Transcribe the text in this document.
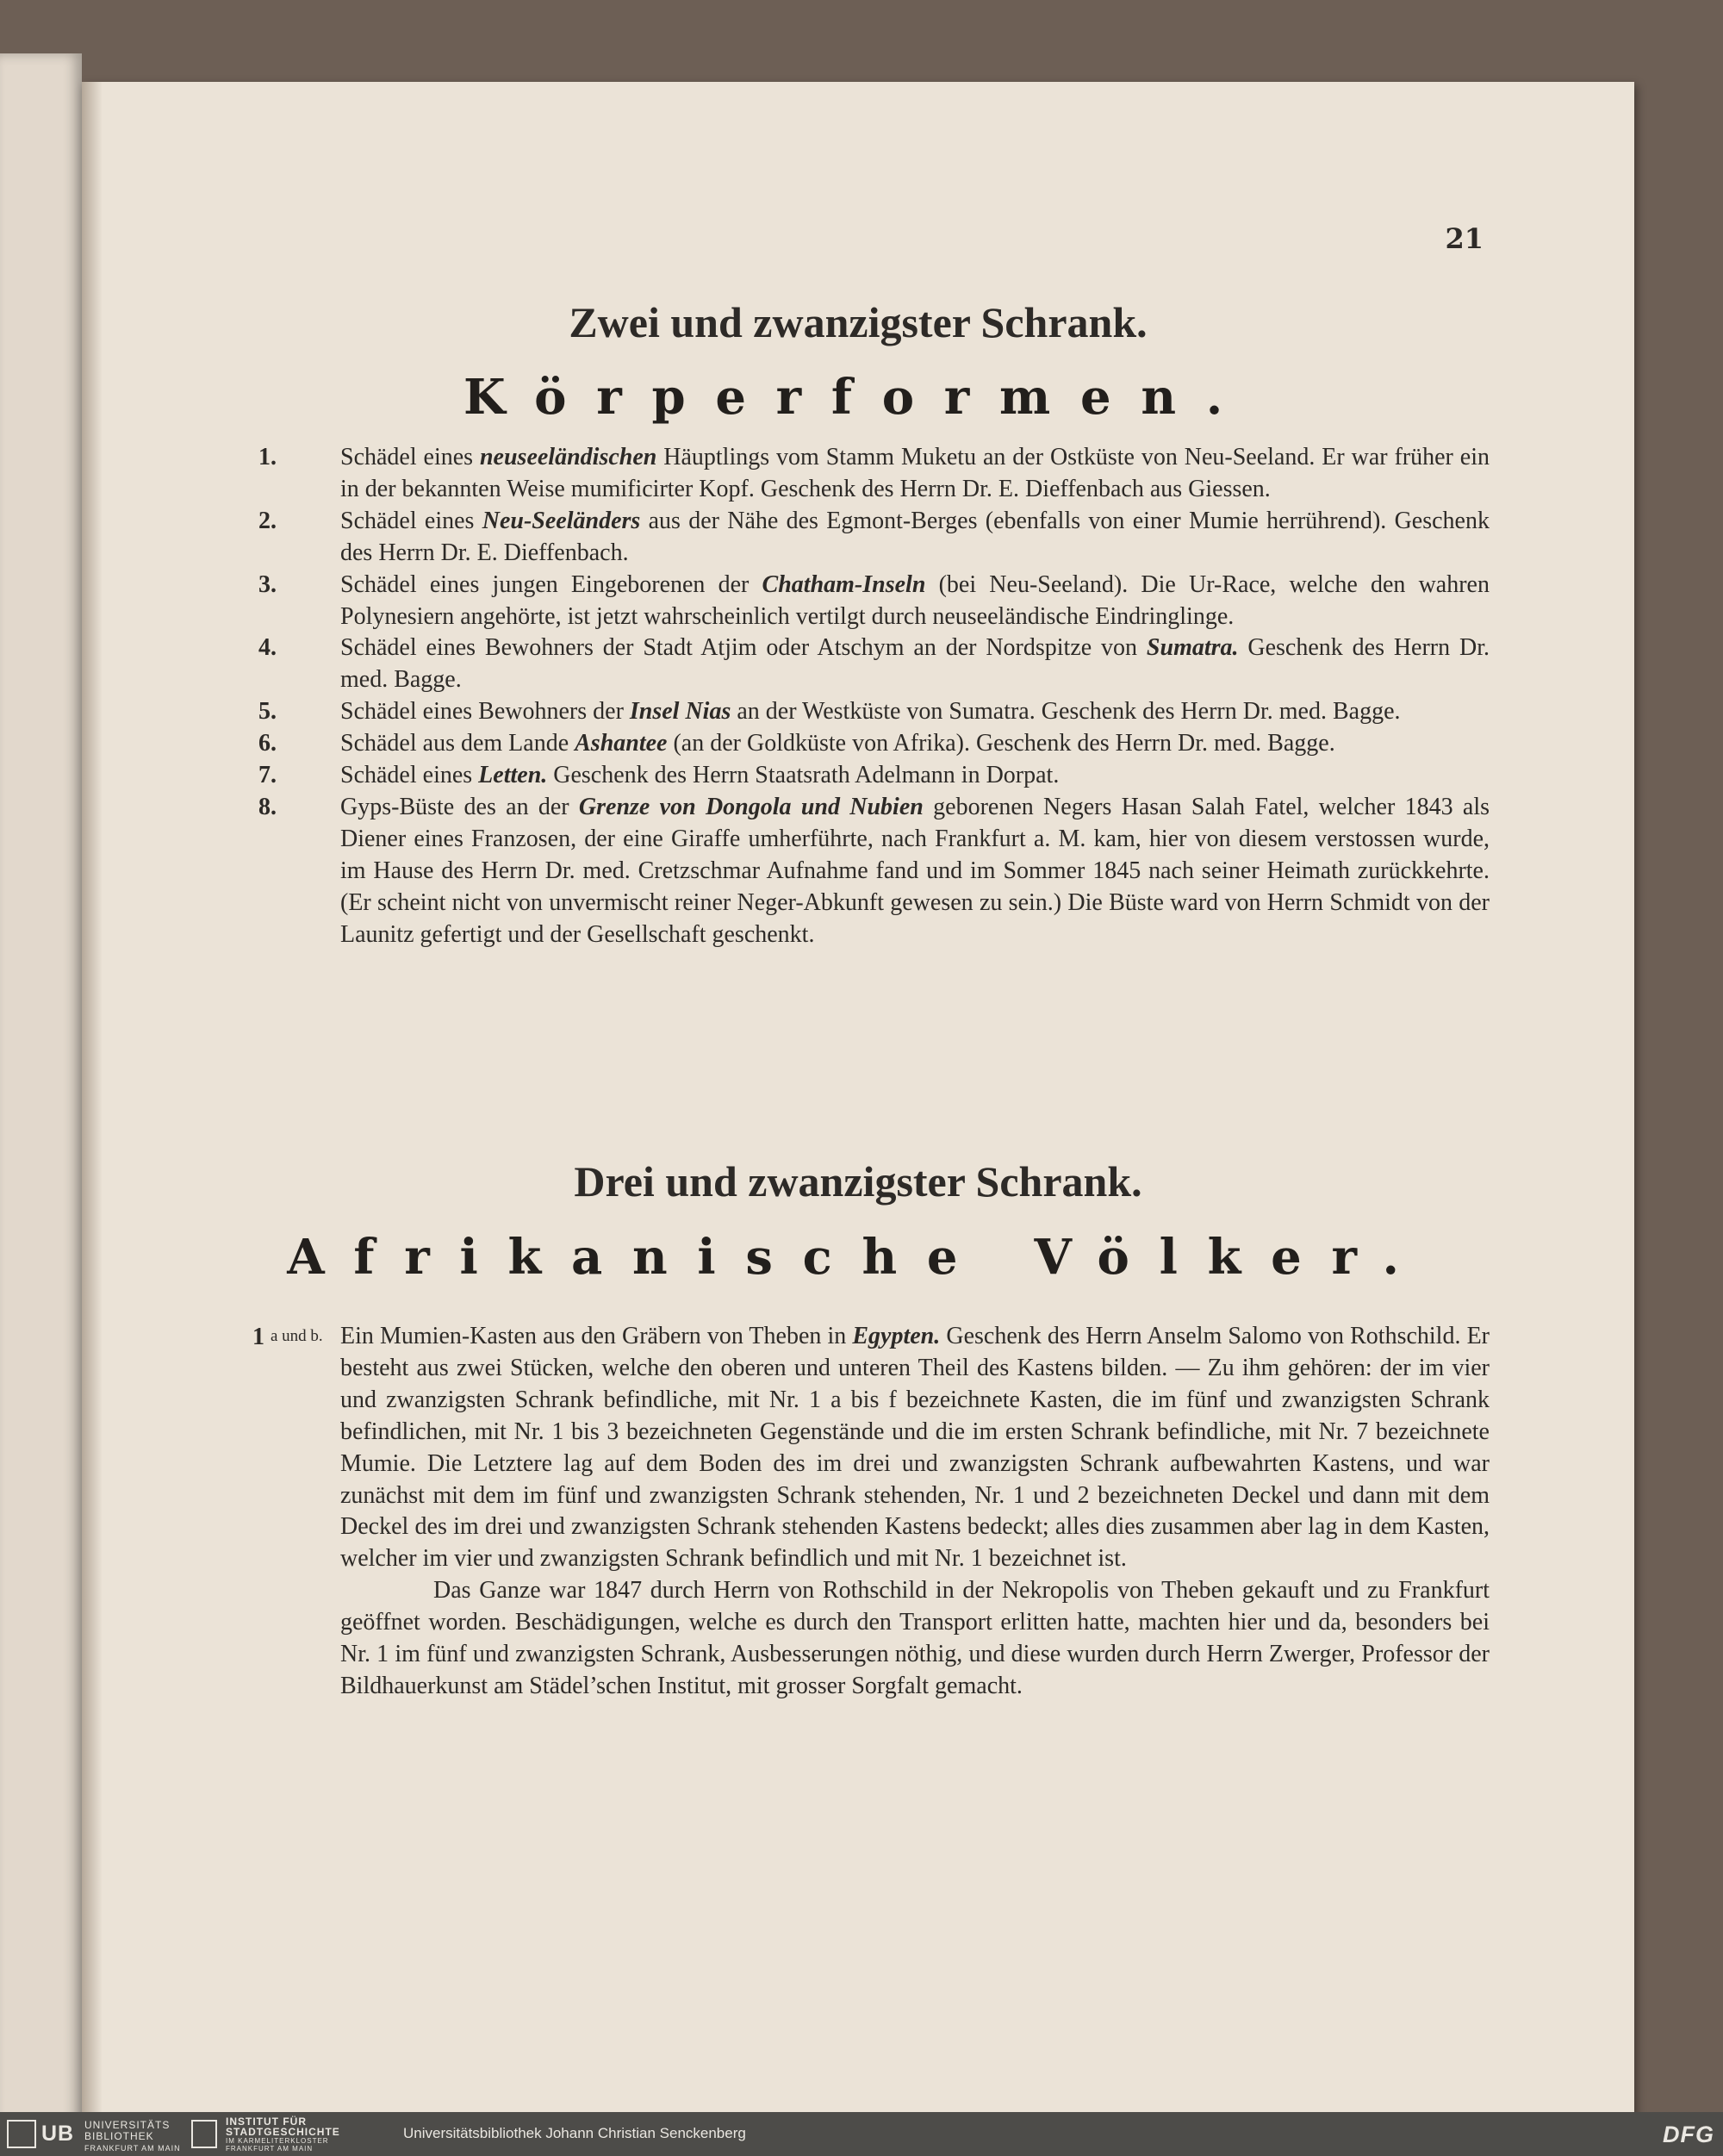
21
Zwei und zwanzigster Schrank.
Körperformen.
1.	Schädel eines neuseeländischen Häuptlings vom Stamm Muketu an der Ostküste von Neu-Seeland. Er war früher ein in der bekannten Weise mumificirter Kopf. Geschenk des Herrn Dr. E. Dieffenbach aus Giessen.
2.	Schädel eines Neu-Seeländers aus der Nähe des Egmont-Berges (ebenfalls von einer Mumie herrührend). Geschenk des Herrn Dr. E. Dieffenbach.
3.	Schädel eines jungen Eingeborenen der Chatham-Inseln (bei Neu-Seeland). Die Ur-Race, welche den wahren Polynesiern angehörte, ist jetzt wahrscheinlich vertilgt durch neuseeländische Eindringlinge.
4.	Schädel eines Bewohners der Stadt Atjim oder Atschym an der Nordspitze von Sumatra. Geschenk des Herrn Dr. med. Bagge.
5.	Schädel eines Bewohners der Insel Nias an der Westküste von Sumatra. Geschenk des Herrn Dr. med. Bagge.
6.	Schädel aus dem Lande Ashantee (an der Goldküste von Afrika). Geschenk des Herrn Dr. med. Bagge.
7.	Schädel eines Letten. Geschenk des Herrn Staatsrath Adelmann in Dorpat.
8.	Gyps-Büste des an der Grenze von Dongola und Nubien geborenen Negers Hasan Salah Fatel, welcher 1843 als Diener eines Franzosen, der eine Giraffe umherführte, nach Frankfurt a. M. kam, hier von diesem verstossen wurde, im Hause des Herrn Dr. med. Cretzschmar Aufnahme fand und im Sommer 1845 nach seiner Heimath zurückkehrte. (Er scheint nicht von unvermischt reiner Neger-Abkunft gewesen zu sein.) Die Büste ward von Herrn Schmidt von der Launitz gefertigt und der Gesellschaft geschenkt.
Drei und zwanzigster Schrank.
Afrikanische Völker.
1 a und b. Ein Mumien-Kasten aus den Gräbern von Theben in Egypten. Geschenk des Herrn Anselm Salomo von Rothschild. Er besteht aus zwei Stücken, welche den oberen und unteren Theil des Kastens bilden. — Zu ihm gehören: der im vier und zwanzigsten Schrank befindliche, mit Nr. 1 a bis f bezeichnete Kasten, die im fünf und zwanzigsten Schrank befindlichen, mit Nr. 1 bis 3 bezeichneten Gegenstände und die im ersten Schrank befindliche, mit Nr. 7 bezeichnete Mumie. Die Letztere lag auf dem Boden des im drei und zwanzigsten Schrank aufbewahrten Kastens, und war zunächst mit dem im fünf und zwanzigsten Schrank stehenden, Nr. 1 und 2 bezeichneten Deckel und dann mit dem Deckel des im drei und zwanzigsten Schrank stehenden Kastens bedeckt; alles dies zusammen aber lag in dem Kasten, welcher im vier und zwanzigsten Schrank befindlich und mit Nr. 1 bezeichnet ist.
Das Ganze war 1847 durch Herrn von Rothschild in der Nekropolis von Theben gekauft und zu Frankfurt geöffnet worden. Beschädigungen, welche es durch den Transport erlitten hatte, machten hier und da, besonders bei Nr. 1 im fünf und zwanzigsten Schrank, Ausbesserungen nöthig, und diese wurden durch Herrn Zwerger, Professor der Bildhauerkunst am Städel’schen Institut, mit grosser Sorgfalt gemacht.
UB UNIVERSITÄTS
BIBLIOTHEK
FRANKFURT AM MAIN
INSTITUT FÜR
STADTGESCHICHTE
IM KARMELITERKLOSTER
FRANKFURT AM MAIN
Universitätsbibliothek Johann Christian Senckenberg	DFG
